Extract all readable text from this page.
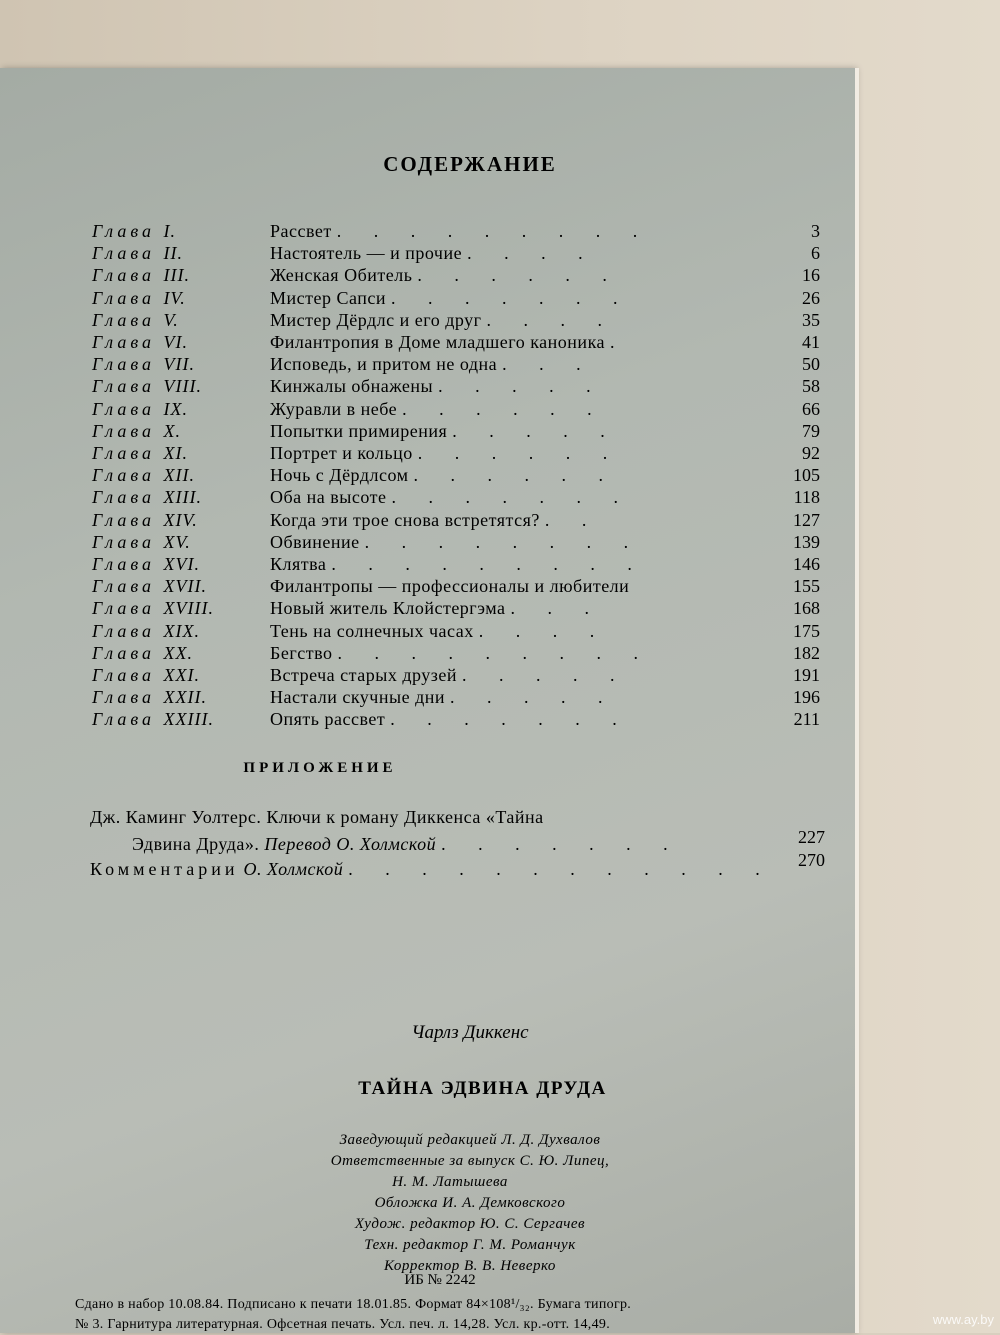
СОДЕРЖАНИЕ
Глава I.	Рассвет . . . . . . . . .	3
Глава II.	Настоятель — и прочие . . . .	6
Глава III.	Женская Обитель . . . . . .	16
Глава IV.	Мистер Сапси . . . . . . .	26
Глава V.	Мистер Дёрдлс и его друг . . . .	35
Глава VI.	Филантропия в Доме младшего каноника .	41
Глава VII.	Исповедь, и притом не одна . . .	50
Глава VIII.	Кинжалы обнажены . . . . .	58
Глава IX.	Журавли в небе . . . . . .	66
Глава X.	Попытки примирения . . . . .	79
Глава XI.	Портрет и кольцо . . . . . .	92
Глава XII.	Ночь с Дёрдлсом . . . . . .	105
Глава XIII.	Оба на высоте . . . . . . .	118
Глава XIV.	Когда эти трое снова встретятся? . .	127
Глава XV.	Обвинение . . . . . . . .	139
Глава XVI.	Клятва . . . . . . . . .	146
Глава XVII.	Филантропы — профессионалы и любители	155
Глава XVIII.	Новый житель Клойстергэма . . .	168
Глава XIX.	Тень на солнечных часах . . . .	175
Глава XX.	Бегство . . . . . . . . .	182
Глава XXI.	Встреча старых друзей . . . . .	191
Глава XXII.	Настали скучные дни . . . . .	196
Глава XXIII.	Опять рассвет . . . . . . .	211
ПРИЛОЖЕНИЕ
Дж. Каминг Уолтерс. Ключи к роману Диккенса «Тайна
Эдвина Друда». Перевод О. Холмской . . . . . . .	227
Комментарии О. Холмской . . . . . . . . . . . .	270
Чарлз Диккенс
ТАЙНА ЭДВИНА ДРУДА
Заведующий редакцией Л. Д. Духвалов
Ответственные за выпуск С. Ю. Липец,
Н. М. Латышева
Обложка И. А. Демковского
Худож. редактор Ю. С. Сергачев
Техн. редактор Г. М. Романчук
Корректор В. В. Неверко
ИБ № 2242
Сдано в набор 10.08.84. Подписано к печати 18.01.85. Формат 84×108¹/₃₂. Бумага типогр.
№ 3. Гарнитура литературная. Офсетная печать. Усл. печ. л. 14,28. Усл. кр.-отт. 14,49.	www.ay.by
